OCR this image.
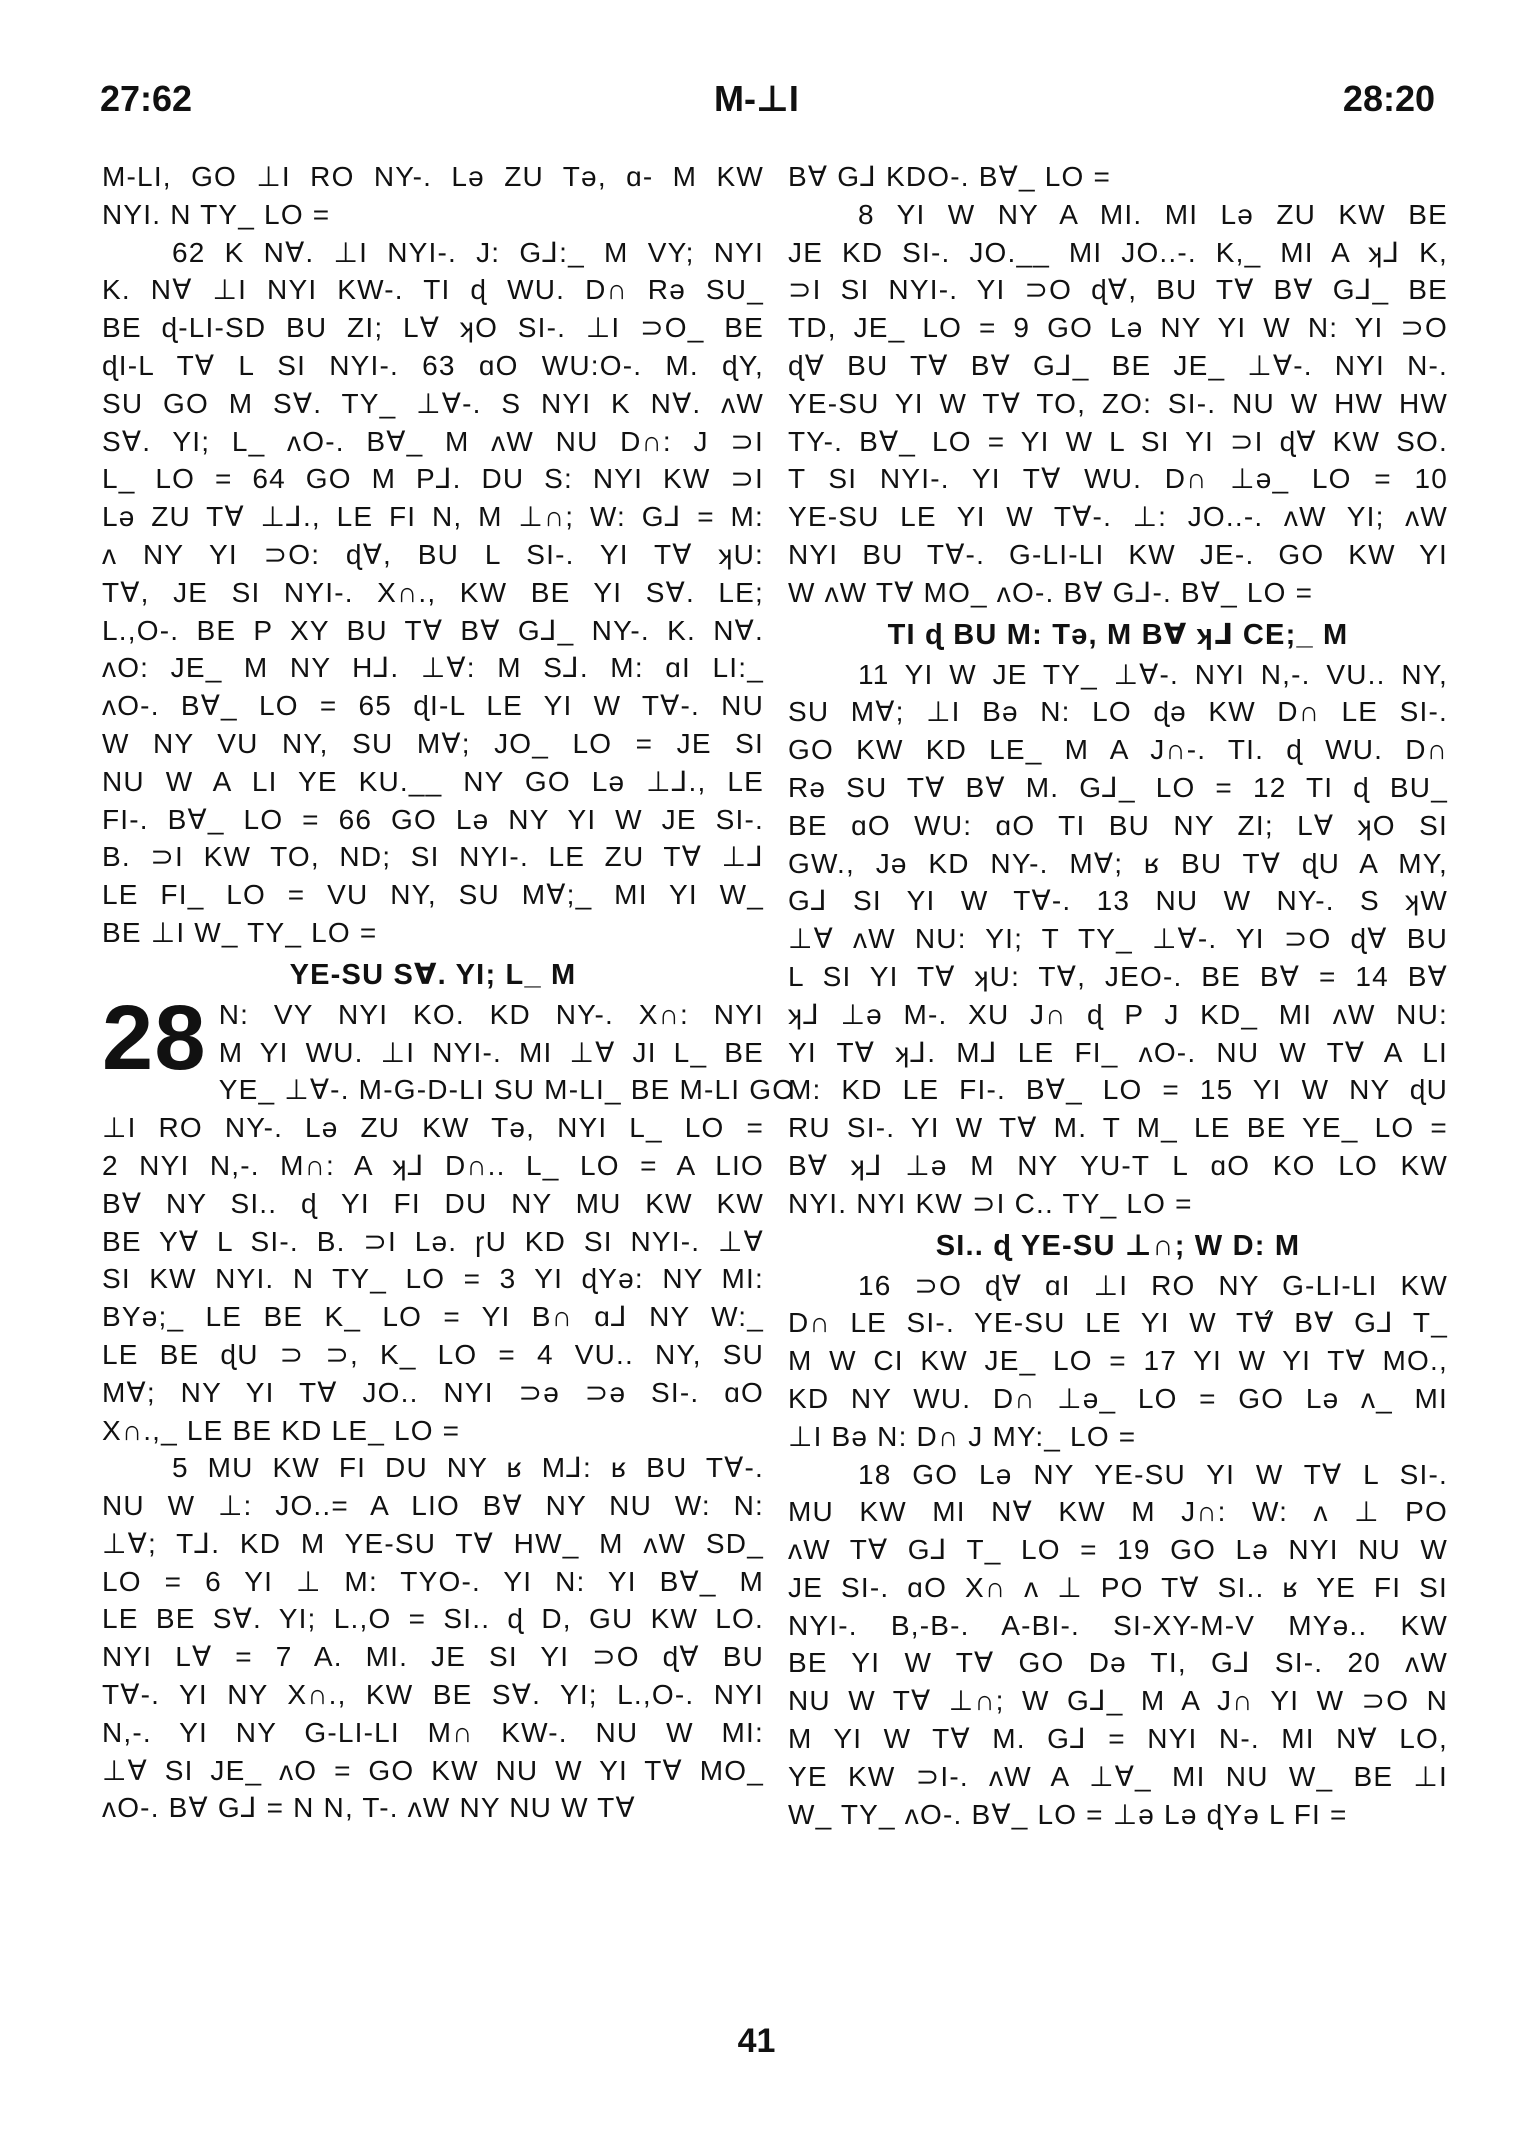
27:62	M-⊥I	28:20
M-LI, GO ⊥I RO NY-. Lǝ ZU Tǝ, ɑ- M KW
NYI. N TY_ LO =
62 K N∀. ⊥I NYI-. J: G⅃:_ M VY; NYI
K. N∀ ⊥I NYI KW-. TI ɖ WU. D∩ Rǝ SU_
BE ɖ-LI-SD BU ZI; L∀ ʞO SI-. ⊥I ⊃O_ BE
ɖI-L T∀ L SI NYI-. 63 ɑO WU:O-. M. ɖY,
SU GO M S∀. TY_ ⊥∀-. S NYI K N∀. ʌW
S∀. YI; L_ ʌO-. B∀_ M ʌW NU D∩: J ⊃I
L_ LO = 64 GO M P⅃. DU S: NYI KW ⊃I
Lǝ ZU T∀ ⊥⅃., LE FI N, M ⊥∩; W: G⅃ = M:
ʌ NY YI ⊃O: ɖ∀, BU L SI-. YI T∀ ʞU:
T∀, JE SI NYI-. X∩., KW BE YI S∀. LE;
L.,O-. BE P XY BU T∀ B∀ G⅃_ NY-. K. N∀.
ʌO: JE_ M NY H⅃. ⊥∀: M S⅃. M: ɑI LI:_
ʌO-. B∀_ LO = 65 ɖI-L LE YI W T∀-. NU
W NY VU NY, SU M∀; JO_ LO = JE SI
NU W A LI YE KU.__ NY GO Lǝ ⊥⅃., LE
FI-. B∀_ LO = 66 GO Lǝ NY YI W JE SI-.
B. ⊃I KW TO, ND; SI NYI-. LE ZU T∀ ⊥⅃
LE FI_ LO = VU NY, SU M∀;_ MI YI W_
BE ⊥I W_ TY_ LO =
YE-SU S∀. YI; L_ M
28 N: VY NYI KO. KD NY-. X∩: NYI
M YI WU. ⊥I NYI-. MI ⊥∀ JI L_ BE
YE_ ⊥∀-. M-G-D-LI SU M-LI_ BE M-LI GO
⊥I RO NY-. Lǝ ZU KW Tǝ, NYI L_ LO =
2 NYI N,-. M∩: A ʞ⅃ D∩.. L_ LO = A LIO
B∀ NY SI.. ɖ YI FI DU NY MU KW KW
BE Y∀ L SI-. B. ⊃I Lǝ. ɼU KD SI NYI-. ⊥∀
SI KW NYI. N TY_ LO = 3 YI ɖYǝ: NY MI:
BYǝ;_ LE BE K_ LO = YI B∩ ɑ⅃ NY W:_
LE BE ɖU ⊃ ⊃, K_ LO = 4 VU.. NY, SU
M∀; NY YI T∀ JO.. NYI ⊃ǝ ⊃ǝ SI-. ɑO
X∩.,_ LE BE KD LE_ LO =
5 MU KW FI DU NY ʁ M⅃: ʁ BU T∀-.
NU W ⊥: JO..= A LIO B∀ NY NU W: N:
⊥∀; T⅃. KD M YE-SU T∀ HW_ M ʌW SD_
LO = 6 YI ⊥ M: TYO-. YI N: YI B∀_ M
LE BE S∀. YI; L.,O = SI.. ɖ D, GU KW LO.
NYI L∀ = 7 A. MI. JE SI YI ⊃O ɖ∀ BU
T∀-. YI NY X∩., KW BE S∀. YI; L.,O-. NYI
N,-. YI NY G-LI-LI M∩ KW-. NU W MI:
⊥∀ SI JE_ ʌO = GO KW NU W YI T∀ MO_
ʌO-. B∀ G⅃ = N N, T-. ʌW NY NU W T∀
B∀ G⅃ KDO-. B∀_ LO =
8 YI W NY A MI. MI Lǝ ZU KW BE
JE KD SI-. JO.__ MI JO..-. K,_ MI A ʞ⅃ K,
⊃I SI NYI-. YI ⊃O ɖ∀, BU T∀ B∀ G⅃_ BE
TD, JE_ LO = 9 GO Lǝ NY YI W N: YI ⊃O
ɖ∀ BU T∀ B∀ G⅃_ BE JE_ ⊥∀-. NYI N-.
YE-SU YI W T∀ TO, ZO: SI-. NU W HW HW
TY-. B∀_ LO = YI W L SI YI ⊃I ɖ∀ KW SO.
T SI NYI-. YI T∀ WU. D∩ ⊥ǝ_ LO = 10
YE-SU LE YI W T∀-. ⊥: JO..-. ʌW YI; ʌW
NYI BU T∀-. G-LI-LI KW JE-. GO KW YI
W ʌW T∀ MO_ ʌO-. B∀ G⅃-. B∀_ LO =
TI ɖ BU M: Tǝ, M B∀ ʞ⅃ CE;_ M
11 YI W JE TY_ ⊥∀-. NYI N,-. VU.. NY,
SU M∀; ⊥I Bǝ N: LO ɖǝ KW D∩ LE SI-.
GO KW KD LE_ M A J∩-. TI. ɖ WU. D∩
Rǝ SU T∀ B∀ M. G⅃_ LO = 12 TI ɖ BU_
BE ɑO WU: ɑO TI BU NY ZI; L∀ ʞO SI
GW., Jǝ KD NY-. M∀; ʁ BU T∀ ɖU A MY,
G⅃ SI YI W T∀-. 13 NU W NY-. S ʞW
⊥∀ ʌW NU: YI; T TY_ ⊥∀-. YI ⊃O ɖ∀ BU
L SI YI T∀ ʞU: T∀, JEO-. BE B∀ = 14 B∀
ʞ⅃ ⊥ǝ M-. XU J∩ ɖ P J KD_ MI ʌW NU:
YI T∀ ʞ⅃. M⅃ LE FI_ ʌO-. NU W T∀ A LI
M: KD LE FI-. B∀_ LO = 15 YI W NY ɖU
RU SI-. YI W T∀ M. T M_ LE BE YE_ LO =
B∀ ʞ⅃ ⊥ǝ M NY YU-T L ɑO KO LO KW
NYI. NYI KW ⊃I C.. TY_ LO =
SI.. ɖ YE-SU ⊥∩; W D: M
16 ⊃O ɖ∀ ɑI ⊥I RO NY G-LI-LI KW
D∩ LE SI-. YE-SU LE YI W T∀́ B∀ G⅃ T_
M W CI KW JE_ LO = 17 YI W YI T∀ MO.,
KD NY WU. D∩ ⊥ǝ_ LO = GO Lǝ ʌ_ MI
⊥I Bǝ N: D∩ J MY:_ LO =
18 GO Lǝ NY YE-SU YI W T∀ L SI-.
MU KW MI N∀ KW M J∩: W: ʌ ⊥ PO
ʌW T∀ G⅃ T_ LO = 19 GO Lǝ NYI NU W
JE SI-. ɑO X∩ ʌ ⊥ PO T∀ SI.. ʁ YE FI SI
NYI-. B,-B-. A-BI-. SI-XY-M-V MYǝ.. KW
BE YI W T∀ GO Dǝ TI, G⅃ SI-. 20 ʌW
NU W T∀ ⊥∩; W G⅃_ M A J∩ YI W ⊃O N
M YI W T∀ M. G⅃ = NYI N-. MI N∀ LO,
YE KW ⊃I-. ʌW A ⊥∀_ MI NU W_ BE ⊥I
W_ TY_ ʌO-. B∀_ LO = ⊥ǝ Lǝ ɖYǝ L FI =
41
